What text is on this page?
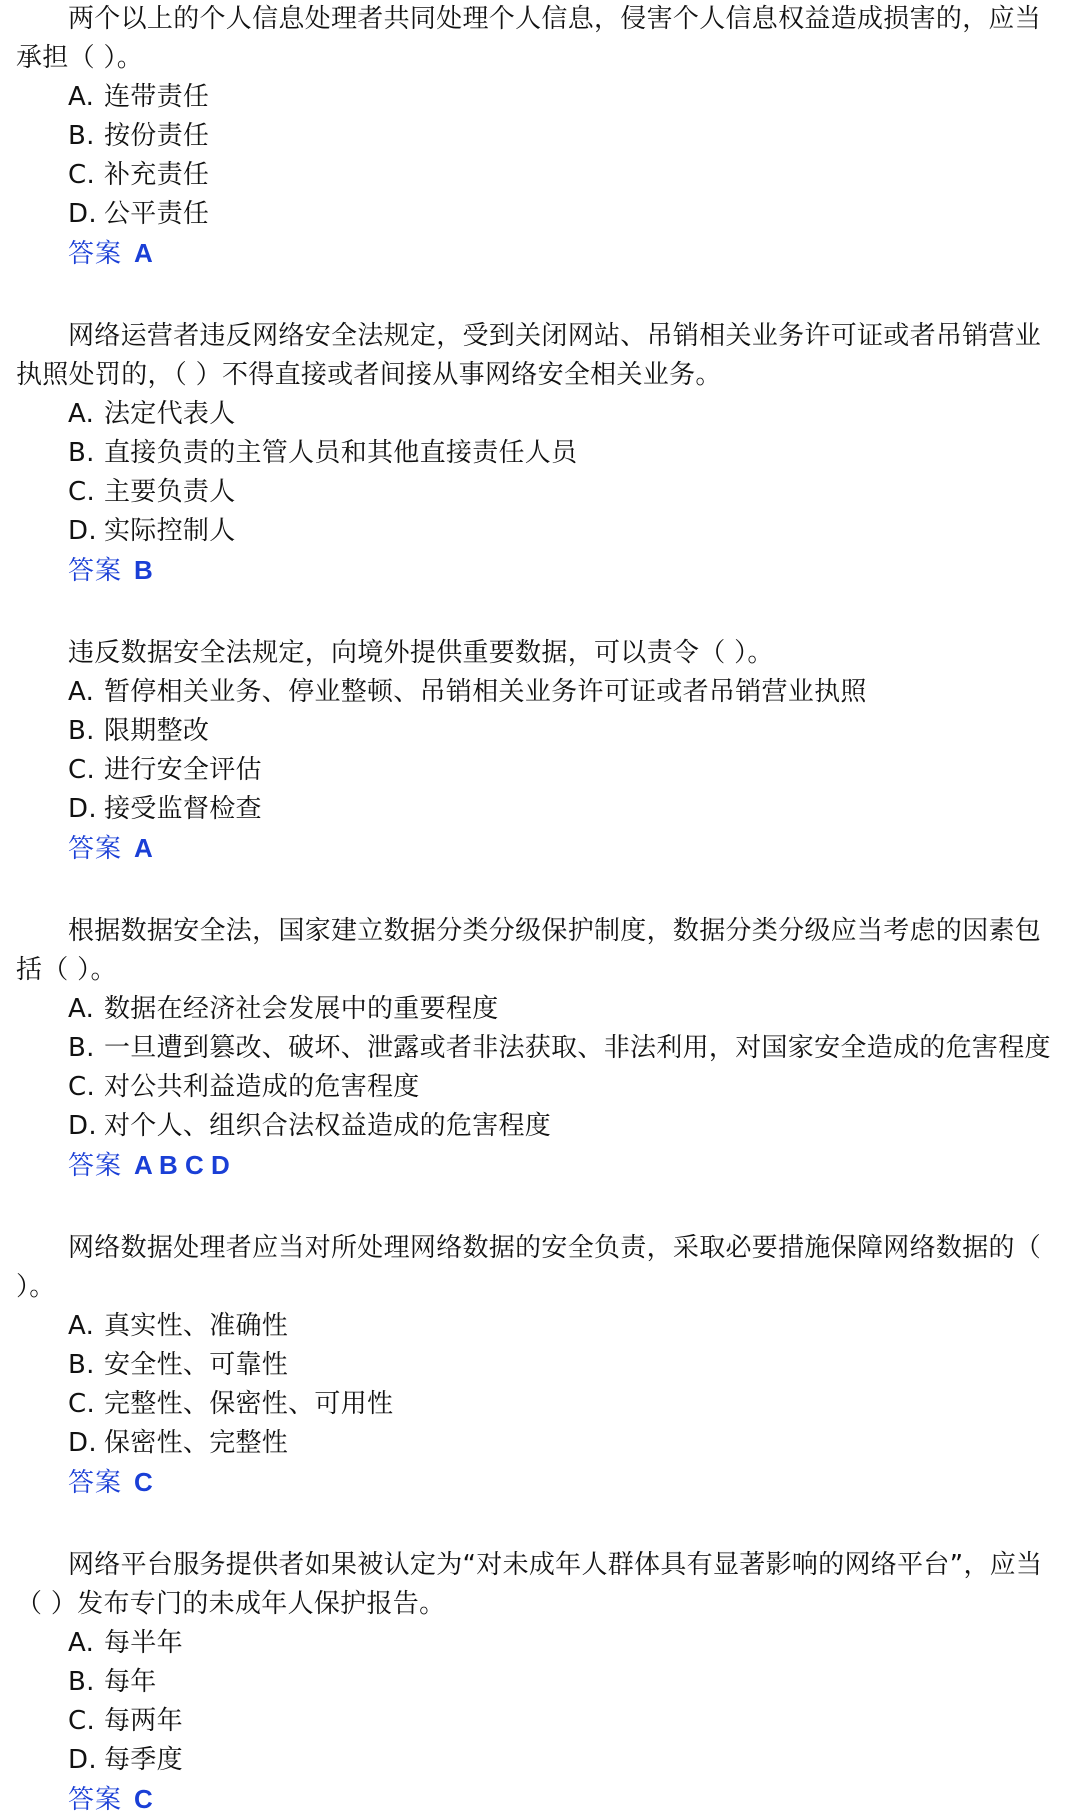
两个以上的个人信息处理者共同处理个人信息，侵害个人信息权益造成损害的，应当承担（ ）。

A. 连带责任

B. 按份责任

C. 补充责任

D. 公平责任

答案 A

网络运营者违反网络安全法规定，受到关闭网站、吊销相关业务许可证或者吊销营业执照处罚的，（ ）不得直接或者间接从事网络安全相关业务。

A. 法定代表人

B. 直接负责的主管人员和其他直接责任人员

C. 主要负责人

D. 实际控制人

答案 B

违反数据安全法规定，向境外提供重要数据，可以责令（ ）。

A. 暂停相关业务、停业整顿、吊销相关业务许可证或者吊销营业执照

B. 限期整改

C. 进行安全评估

D. 接受监督检查

答案 A

根据数据安全法，国家建立数据分类分级保护制度，数据分类分级应当考虑的因素包括（ ）。

A. 数据在经济社会发展中的重要程度

B. 一旦遭到篡改、破坏、泄露或者非法获取、非法利用，对国家安全造成的危害程度

C. 对公共利益造成的危害程度

D. 对个人、组织合法权益造成的危害程度

答案 A B C D

网络数据处理者应当对所处理网络数据的安全负责，采取必要措施保障网络数据的（ ）。

A. 真实性、准确性

B. 安全性、可靠性

C. 完整性、保密性、可用性

D. 保密性、完整性

答案 C

网络平台服务提供者如果被认定为“对未成年人群体具有显著影响的网络平台”，应当（ ）发布专门的未成年人保护报告。

A. 每半年

B. 每年

C. 每两年

D. 每季度

答案 C
